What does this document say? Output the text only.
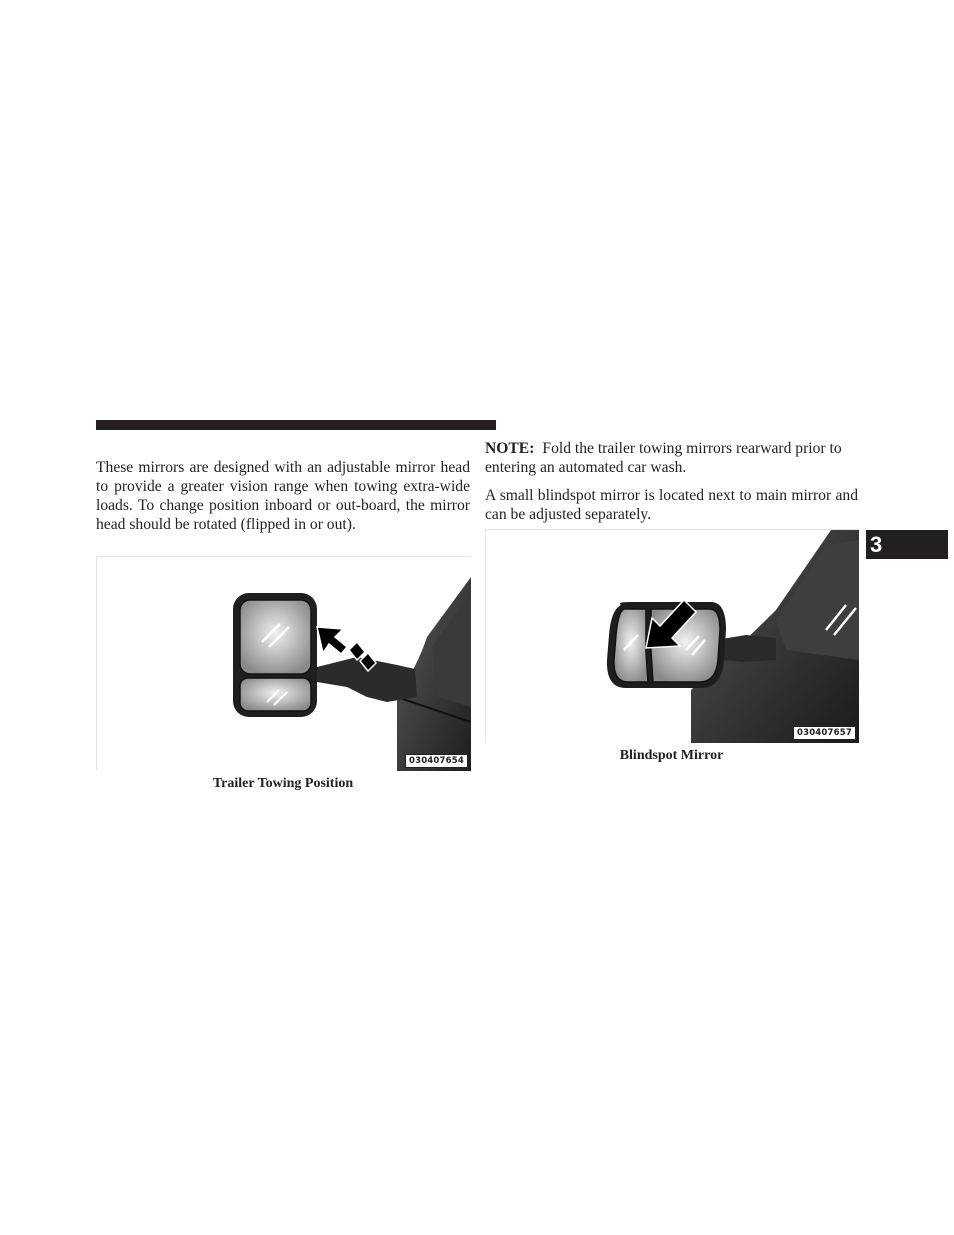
These mirrors are designed with an adjustable mirror head to provide a greater vision range when towing extra-wide loads. To change position inboard or out-board, the mirror head should be rotated (flipped in or out).

030407654

Trailer Towing Position

NOTE: Fold the trailer towing mirrors rearward prior to entering an automated car wash.

A small blindspot mirror is located next to main mirror and can be adjusted separately.

030407657

Blindspot Mirror

3
